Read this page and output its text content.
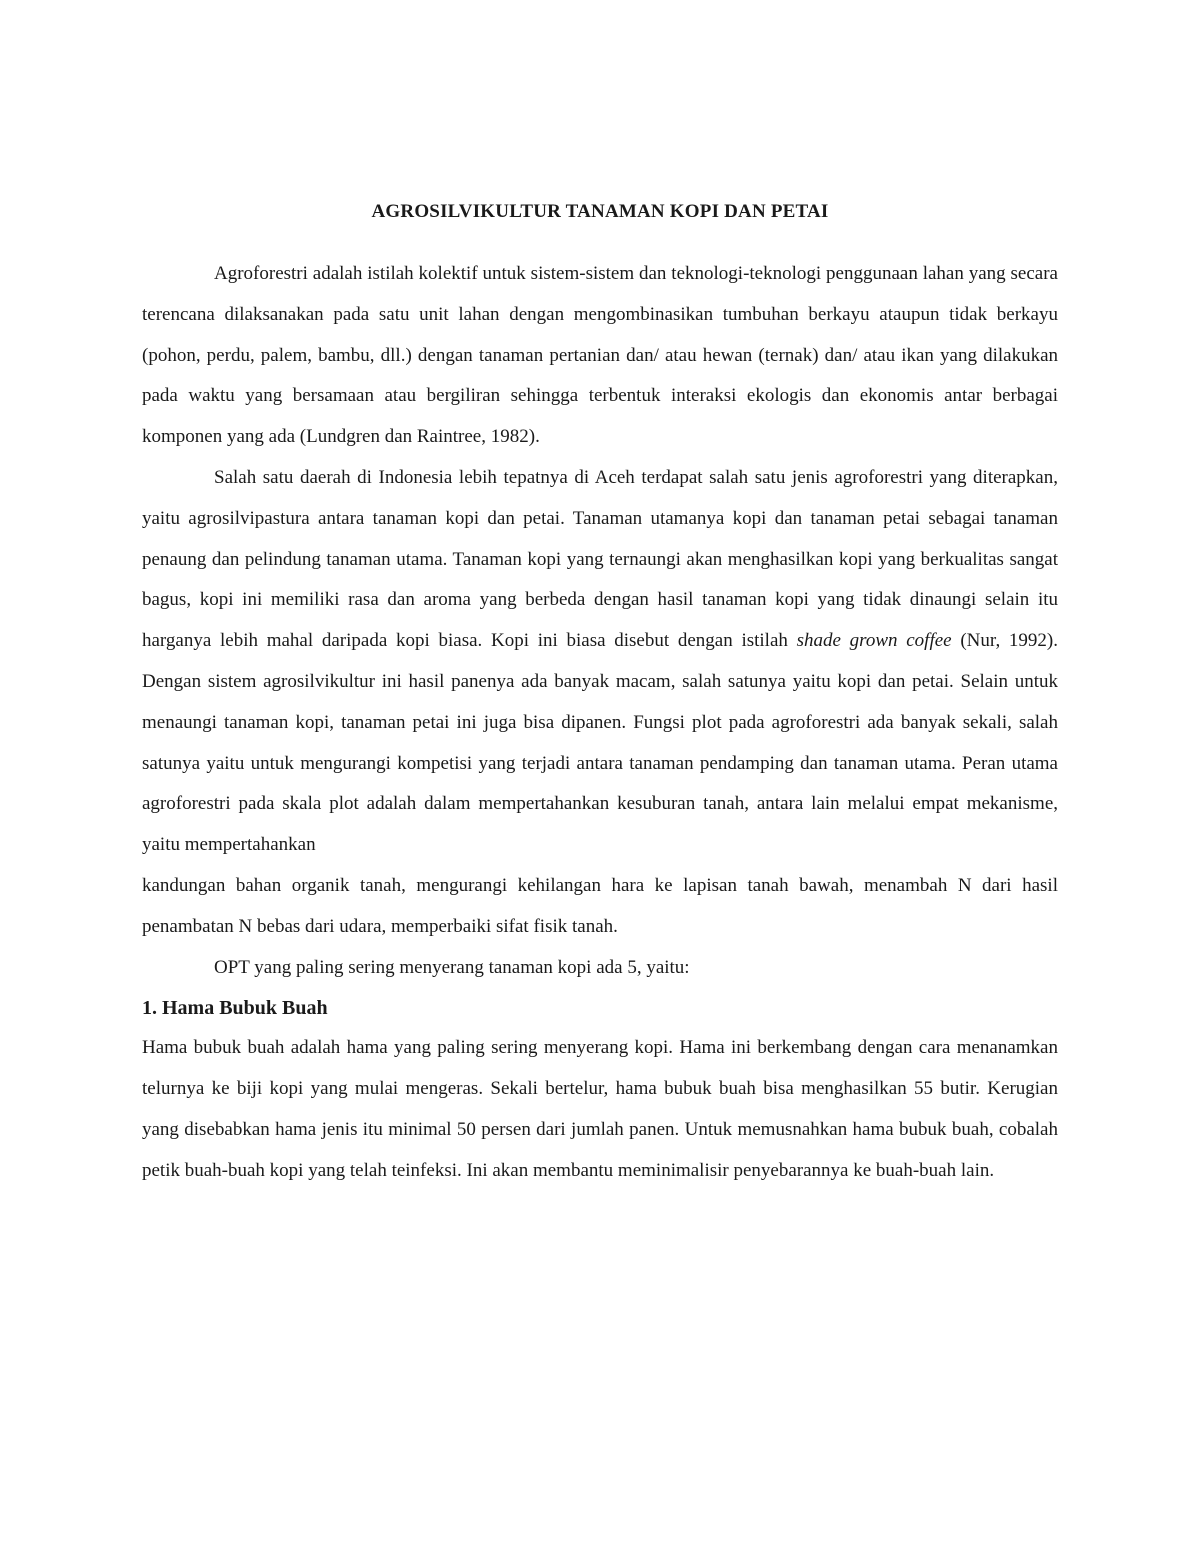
AGROSILVIKULTUR TANAMAN KOPI DAN PETAI

Agroforestri adalah istilah kolektif untuk sistem-sistem dan teknologi-teknologi penggunaan lahan yang secara terencana dilaksanakan pada satu unit lahan dengan mengombinasikan tumbuhan berkayu ataupun tidak berkayu (pohon, perdu, palem, bambu, dll.) dengan tanaman pertanian dan/ atau hewan (ternak) dan/ atau ikan yang dilakukan pada waktu yang bersamaan atau bergiliran sehingga terbentuk interaksi ekologis dan ekonomis antar berbagai komponen yang ada (Lundgren dan Raintree, 1982).

Salah satu daerah di Indonesia lebih tepatnya di Aceh terdapat salah satu jenis agroforestri yang diterapkan, yaitu agrosilvipastura antara tanaman kopi dan petai. Tanaman utamanya kopi dan tanaman petai sebagai tanaman penaung dan pelindung tanaman utama. Tanaman kopi yang ternaungi akan menghasilkan kopi yang berkualitas sangat bagus, kopi ini memiliki rasa dan aroma yang berbeda dengan hasil tanaman kopi yang tidak dinaungi selain itu harganya lebih mahal daripada kopi biasa. Kopi ini biasa disebut dengan istilah shade grown coffee (Nur, 1992). Dengan sistem agrosilvikultur ini hasil panenya ada banyak macam, salah satunya yaitu kopi dan petai. Selain untuk menaungi tanaman kopi, tanaman petai ini juga bisa dipanen. Fungsi plot pada agroforestri ada banyak sekali, salah satunya yaitu untuk mengurangi kompetisi yang terjadi antara tanaman pendamping dan tanaman utama. Peran utama agroforestri pada skala plot adalah dalam mempertahankan kesuburan tanah, antara lain melalui empat mekanisme, yaitu mempertahankan

kandungan bahan organik tanah, mengurangi kehilangan hara ke lapisan tanah bawah, menambah N dari hasil penambatan N bebas dari udara, memperbaiki sifat fisik tanah.

OPT yang paling sering menyerang tanaman kopi ada 5, yaitu:

1. Hama Bubuk Buah

Hama bubuk buah adalah hama yang paling sering menyerang kopi. Hama ini berkembang dengan cara menanamkan telurnya ke biji kopi yang mulai mengeras. Sekali bertelur, hama bubuk buah bisa menghasilkan 55 butir. Kerugian yang disebabkan hama jenis itu minimal 50 persen dari jumlah panen. Untuk memusnahkan hama bubuk buah, cobalah petik buah-buah kopi yang telah teinfeksi. Ini akan membantu meminimalisir penyebarannya ke buah-buah lain.
